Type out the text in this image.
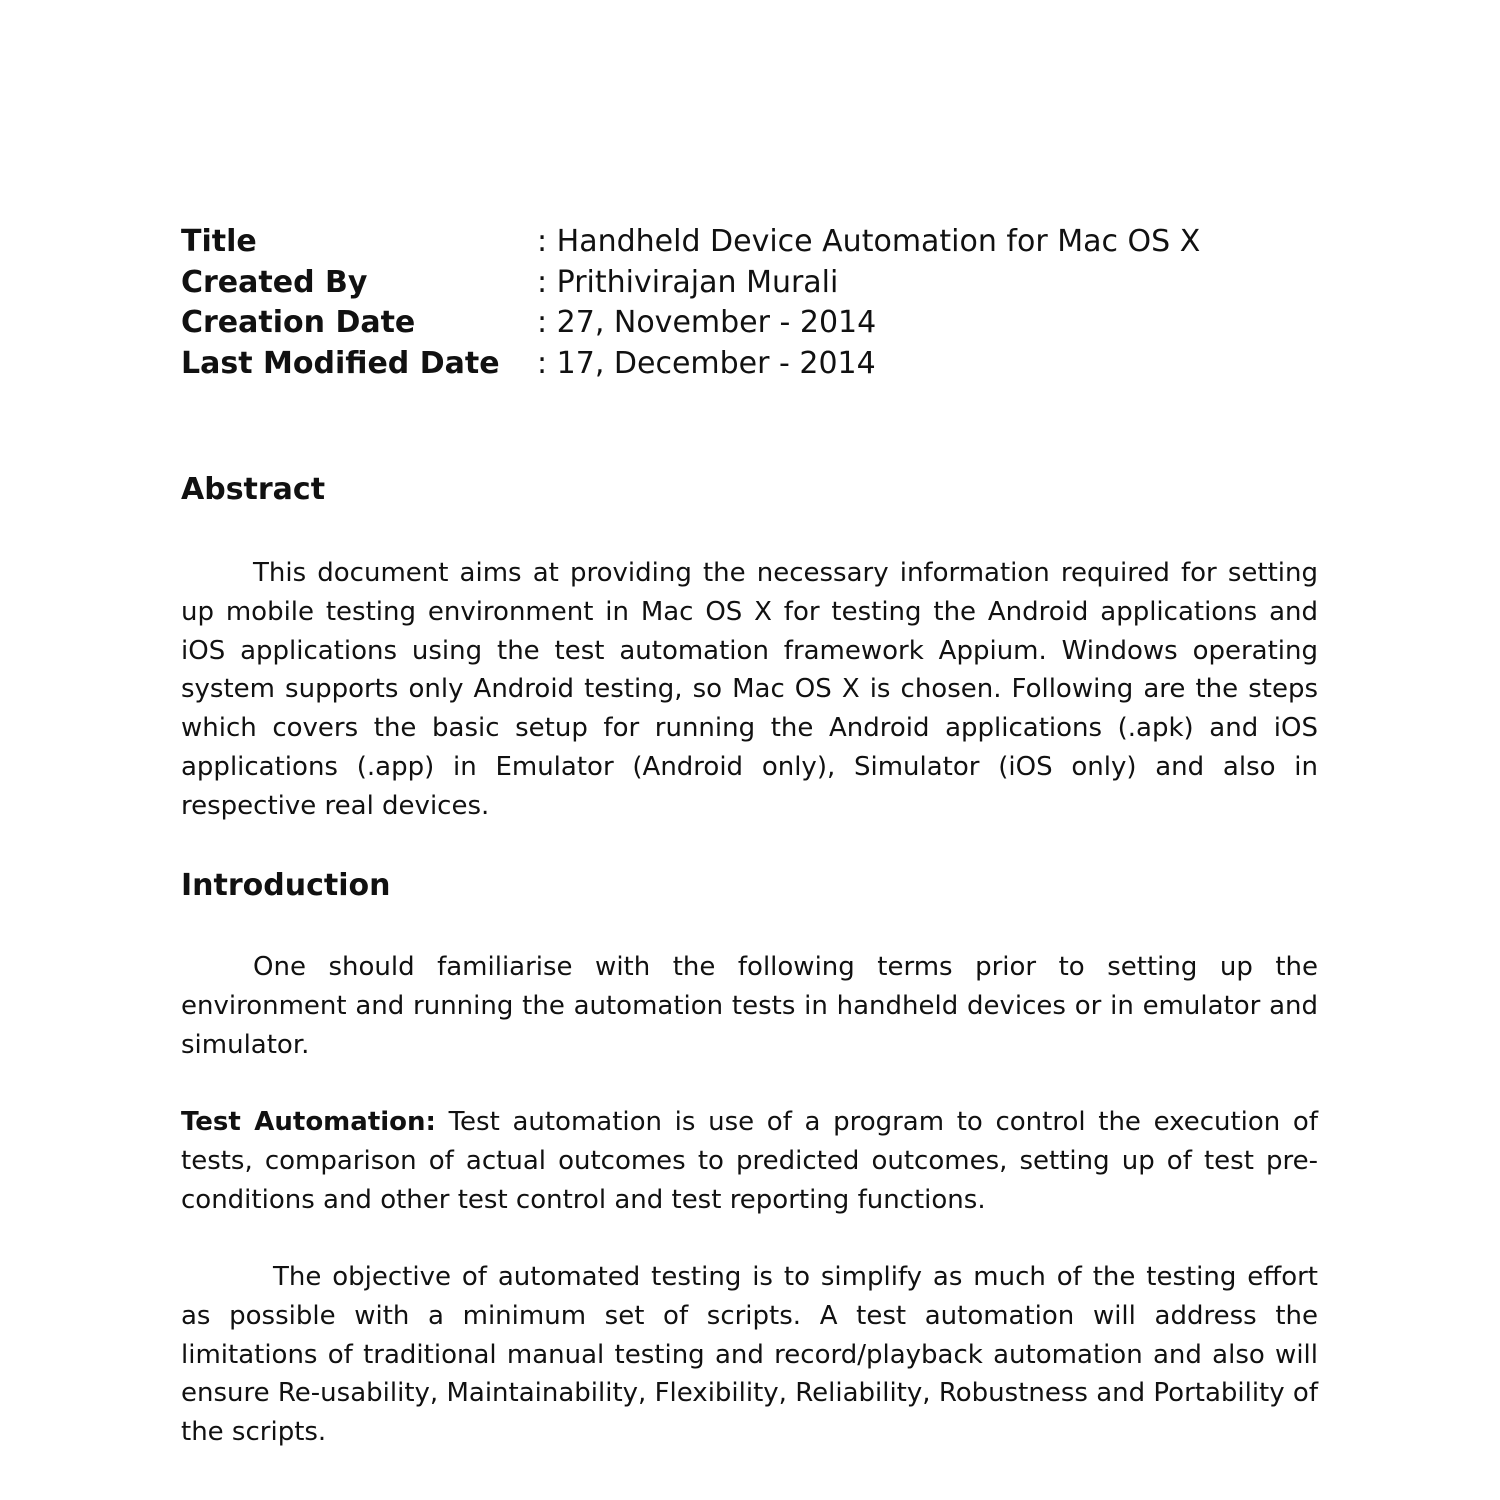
Title	: Handheld Device Automation for Mac OS X
Created By	: Prithivirajan Murali
Creation Date	: 27, November - 2014
Last Modified Date	: 17, December - 2014
Abstract

This document aims at providing the necessary information required for setting up mobile testing environment in Mac OS X for testing the Android applications and iOS applications using the test automation framework Appium. Windows operating system supports only Android testing, so Mac OS X is chosen. Following are the steps which covers the basic setup for running the Android applications (.apk) and iOS applications (.app) in Emulator (Android only), Simulator (iOS only) and also in respective real devices.

Introduction

One should familiarise with the following terms prior to setting up the environment and running the automation tests in handheld devices or in emulator and simulator.

Test Automation: Test automation is use of a program to control the execution of tests, comparison of actual outcomes to predicted outcomes, setting up of test pre-conditions and other test control and test reporting functions.

The objective of automated testing is to simplify as much of the testing effort as possible with a minimum set of scripts. A test automation will address the limitations of traditional manual testing and record/playback automation and also will ensure Re-usability, Maintainability, Flexibility, Reliability, Robustness and Portability of the scripts.
